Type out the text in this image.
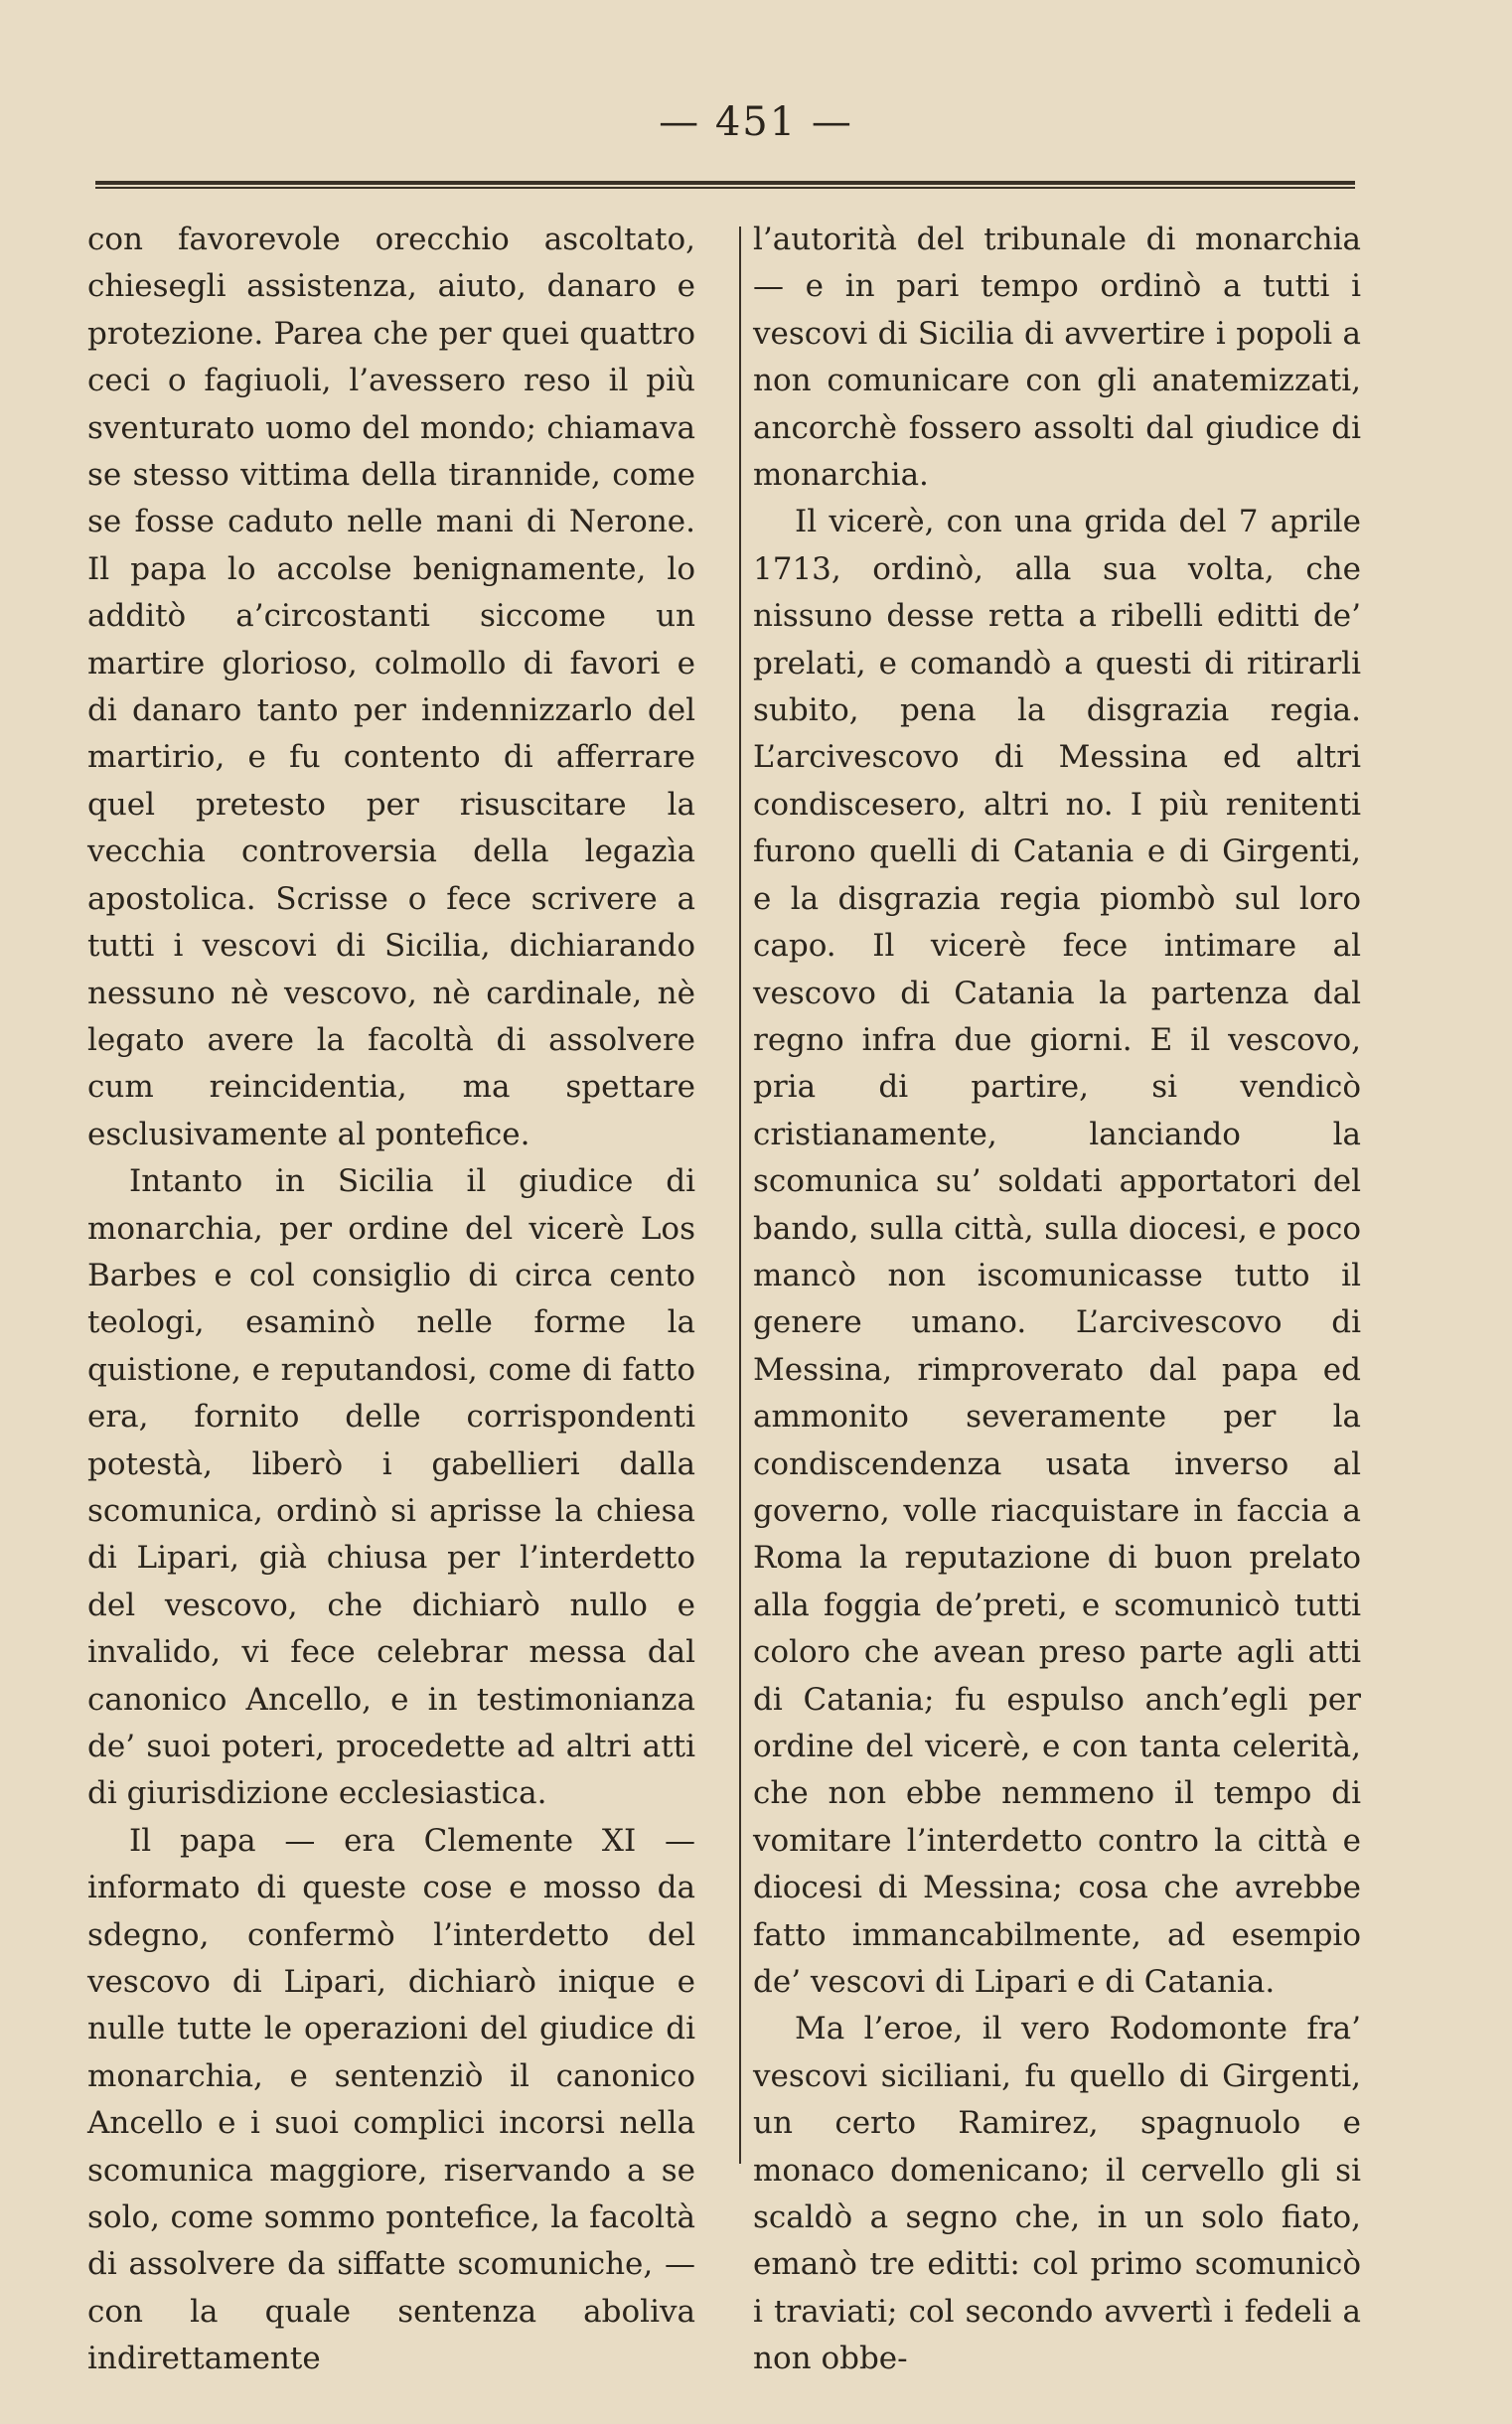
— 451 —

con favorevole orecchio ascoltato, chiesegli assistenza, aiuto, danaro e protezione. Parea che per quei quattro ceci o fagiuoli, l’avessero reso il più sventurato uomo del mondo; chiamava se stesso vittima della tirannide, come se fosse caduto nelle mani di Nerone. Il papa lo accolse benignamente, lo additò a’circostanti siccome un martire glorioso, colmollo di favori e di danaro tanto per indennizzarlo del martirio, e fu contento di afferrare quel pretesto per risuscitare la vecchia controversia della legazìa apostolica. Scrisse o fece scrivere a tutti i vescovi di Sicilia, dichiarando nessuno nè vescovo, nè cardinale, nè legato avere la facoltà di assolvere cum reincidentia, ma spettare esclusivamente al pontefice.

Intanto in Sicilia il giudice di monarchia, per ordine del vicerè Los Barbes e col consiglio di circa cento teologi, esaminò nelle forme la quistione, e reputandosi, come di fatto era, fornito delle corrispondenti potestà, liberò i gabellieri dalla scomunica, ordinò si aprisse la chiesa di Lipari, già chiusa per l’interdetto del vescovo, che dichiarò nullo e invalido, vi fece celebrar messa dal canonico Ancello, e in testimonianza de’ suoi poteri, procedette ad altri atti di giurisdizione ecclesiastica.

Il papa — era Clemente XI — informato di queste cose e mosso da sdegno, confermò l’interdetto del vescovo di Lipari, dichiarò inique e nulle tutte le operazioni del giudice di monarchia, e sentenziò il canonico Ancello e i suoi complici incorsi nella scomunica maggiore, riservando a se solo, come sommo pontefice, la facoltà di assolvere da siffatte scomuniche, — con la quale sentenza aboliva indirettamente

l’autorità del tribunale di monarchia — e in pari tempo ordinò a tutti i vescovi di Sicilia di avvertire i popoli a non comunicare con gli anatemizzati, ancorchè fossero assolti dal giudice di monarchia.

Il vicerè, con una grida del 7 aprile 1713, ordinò, alla sua volta, che nissuno desse retta a ribelli editti de’ prelati, e comandò a questi di ritirarli subito, pena la disgrazia regia. L’arcivescovo di Messina ed altri condiscesero, altri no. I più renitenti furono quelli di Catania e di Girgenti, e la disgrazia regia piombò sul loro capo. Il vicerè fece intimare al vescovo di Catania la partenza dal regno infra due giorni. E il vescovo, pria di partire, si vendicò cristianamente, lanciando la scomunica su’ soldati apportatori del bando, sulla città, sulla diocesi, e poco mancò non iscomunicasse tutto il genere umano. L’arcivescovo di Messina, rimproverato dal papa ed ammonito severamente per la condiscendenza usata inverso al governo, volle riacquistare in faccia a Roma la reputazione di buon prelato alla foggia de’preti, e scomunicò tutti coloro che avean preso parte agli atti di Catania; fu espulso anch’egli per ordine del vicerè, e con tanta celerità, che non ebbe nemmeno il tempo di vomitare l’interdetto contro la città e diocesi di Messina; cosa che avrebbe fatto immancabilmente, ad esempio de’ vescovi di Lipari e di Catania.

Ma l’eroe, il vero Rodomonte fra’ vescovi siciliani, fu quello di Girgenti, un certo Ramirez, spagnuolo e monaco domenicano; il cervello gli si scaldò a segno che, in un solo fiato, emanò tre editti: col primo scomunicò i traviati; col secondo avvertì i fedeli a non obbe-
